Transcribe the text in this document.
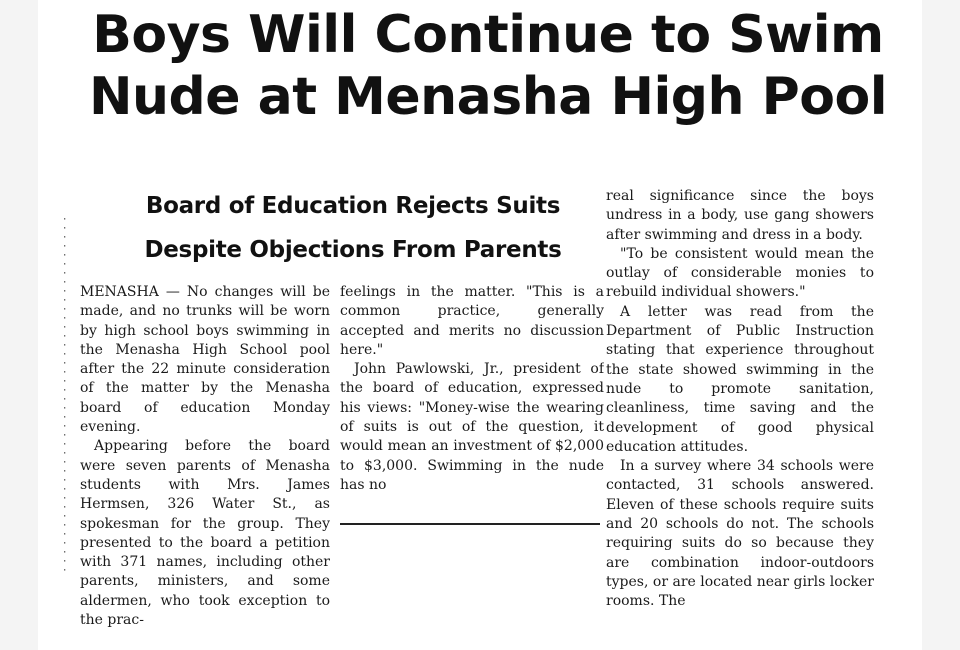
Boys Will Continue to Swim
Nude at Menasha High Pool
Board of Education Rejects Suits
Despite Objections From Parents
········································

MENASHA — No changes will be made, and no trunks will be worn by high school boys swimming in the Menasha High School pool after the 22 minute consideration of the matter by the Menasha board of education Monday evening.

Appearing before the board were seven parents of Menasha students with Mrs. James Hermsen, 326 Water St., as spokesman for the group. They presented to the board a petition with 371 names, including other parents, ministers, and some aldermen, who took exception to the prac-

feelings in the matter. "This is a common practice, generally accepted and merits no discussion here."

John Pawlowski, Jr., president of the board of education, expressed his views: "Money-wise the wearing of suits is out of the question, it would mean an investment of $2,000 to $3,000. Swimming in the nude has no

real significance since the boys undress in a body, use gang showers after swimming and dress in a body.

"To be consistent would mean the outlay of considerable monies to rebuild individual showers."

A letter was read from the Department of Public Instruction stating that experience throughout the state showed swimming in the nude to promote sanitation, cleanliness, time saving and the development of good physical education attitudes.

In a survey where 34 schools were contacted, 31 schools answered. Eleven of these schools require suits and 20 schools do not. The schools requiring suits do so because they are combination indoor-outdoors types, or are located near girls locker rooms. The
